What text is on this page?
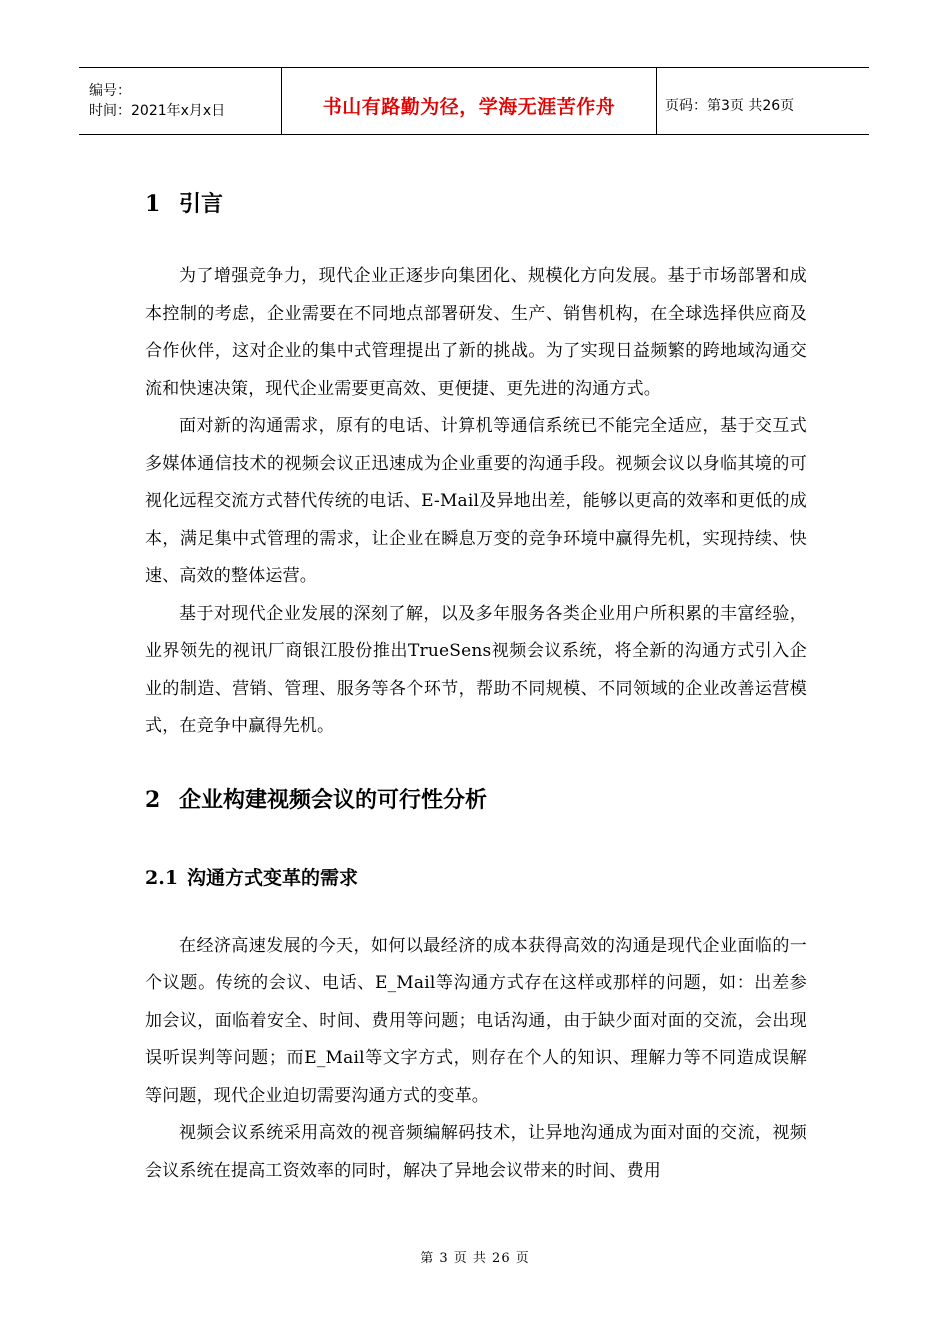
编号：
时间：2021年x月x日	书山有路勤为径，学海无涯苦作舟	页码：第3页 共26页
1 引言

为了增强竞争力，现代企业正逐步向集团化、规模化方向发展。基于市场部署和成本控制的考虑，企业需要在不同地点部署研发、生产、销售机构，在全球选择供应商及合作伙伴，这对企业的集中式管理提出了新的挑战。为了实现日益频繁的跨地域沟通交流和快速决策，现代企业需要更高效、更便捷、更先进的沟通方式。

面对新的沟通需求，原有的电话、计算机等通信系统已不能完全适应，基于交互式多媒体通信技术的视频会议正迅速成为企业重要的沟通手段。视频会议以身临其境的可视化远程交流方式替代传统的电话、E-Mail及异地出差，能够以更高的效率和更低的成本，满足集中式管理的需求，让企业在瞬息万变的竞争环境中赢得先机，实现持续、快速、高效的整体运营。

基于对现代企业发展的深刻了解，以及多年服务各类企业用户所积累的丰富经验，业界领先的视讯厂商银江股份推出TrueSens视频会议系统，将全新的沟通方式引入企业的制造、营销、管理、服务等各个环节，帮助不同规模、不同领域的企业改善运营模式，在竞争中赢得先机。

2 企业构建视频会议的可行性分析
2.1 沟通方式变革的需求

在经济高速发展的今天，如何以最经济的成本获得高效的沟通是现代企业面临的一个议题。传统的会议、电话、E_Mail等沟通方式存在这样或那样的问题，如：出差参加会议，面临着安全、时间、费用等问题；电话沟通，由于缺少面对面的交流，会出现误听误判等问题；而E_Mail等文字方式，则存在个人的知识、理解力等不同造成误解等问题，现代企业迫切需要沟通方式的变革。

视频会议系统采用高效的视音频编解码技术，让异地沟通成为面对面的交流，视频会议系统在提高工资效率的同时，解决了异地会议带来的时间、费用

第 3 页 共 26 页
